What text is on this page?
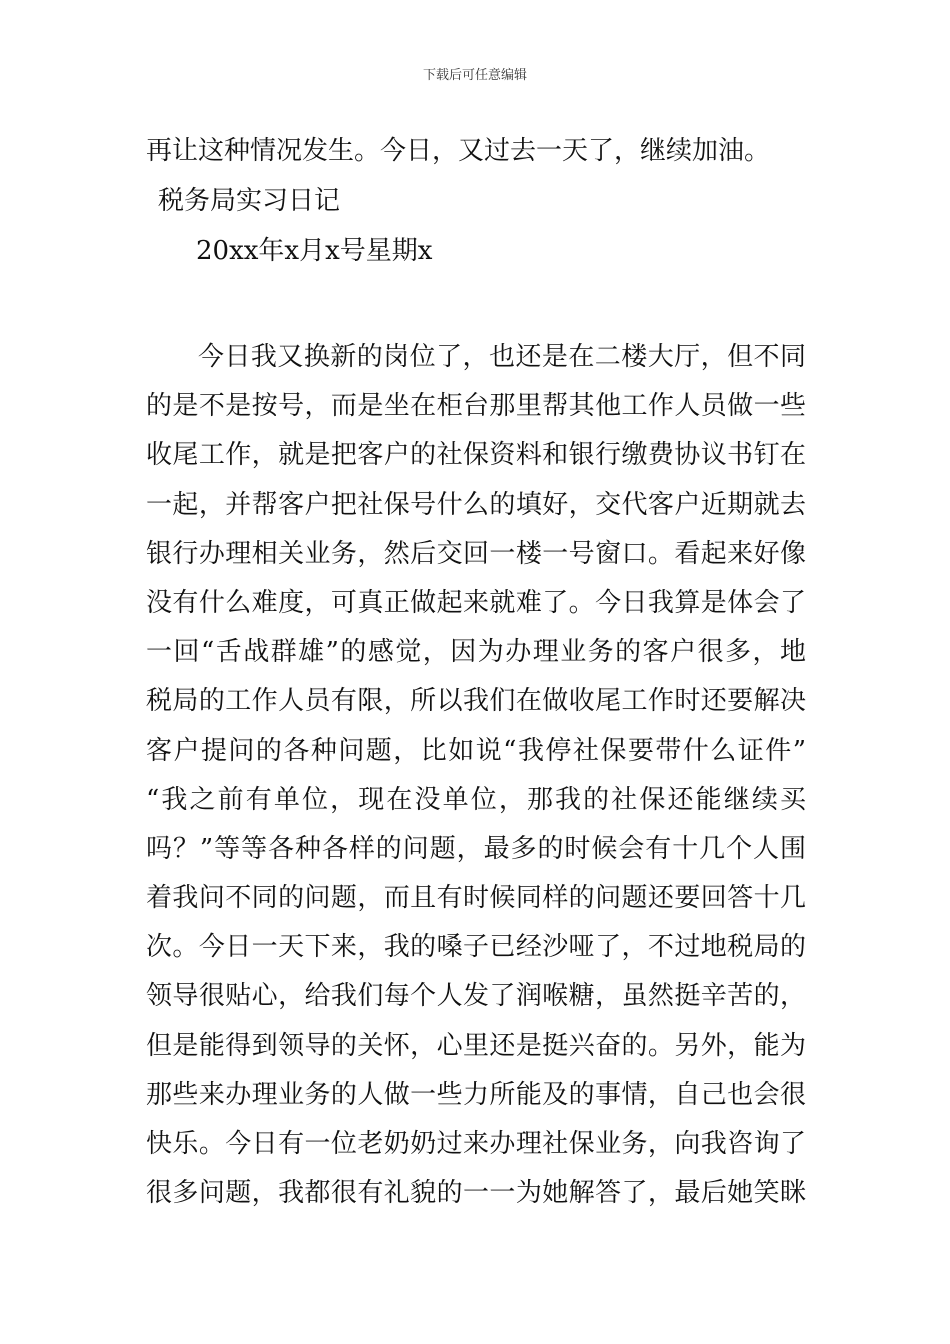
下载后可任意编辑
再让这种情况发生。今日，又过去一天了，继续加油。
税务局实习日记
20xx年x月x号星期x
今日我又换新的岗位了，也还是在二楼大厅，但不同
的是不是按号，而是坐在柜台那里帮其他工作人员做一些
收尾工作，就是把客户的社保资料和银行缴费协议书钉在
一起，并帮客户把社保号什么的填好，交代客户近期就去
银行办理相关业务，然后交回一楼一号窗口。看起来好像
没有什么难度，可真正做起来就难了。今日我算是体会了
一回“舌战群雄”的感觉，因为办理业务的客户很多，地
税局的工作人员有限，所以我们在做收尾工作时还要解决
客户提问的各种问题，比如说“我停社保要带什么证件”
“我之前有单位，现在没单位，那我的社保还能继续买
吗？”等等各种各样的问题，最多的时候会有十几个人围
着我问不同的问题，而且有时候同样的问题还要回答十几
次。今日一天下来，我的嗓子已经沙哑了，不过地税局的
领导很贴心，给我们每个人发了润喉糖，虽然挺辛苦的，
但是能得到领导的关怀，心里还是挺兴奋的。另外，能为
那些来办理业务的人做一些力所能及的事情，自己也会很
快乐。今日有一位老奶奶过来办理社保业务，向我咨询了
很多问题，我都很有礼貌的一一为她解答了，最后她笑眯
